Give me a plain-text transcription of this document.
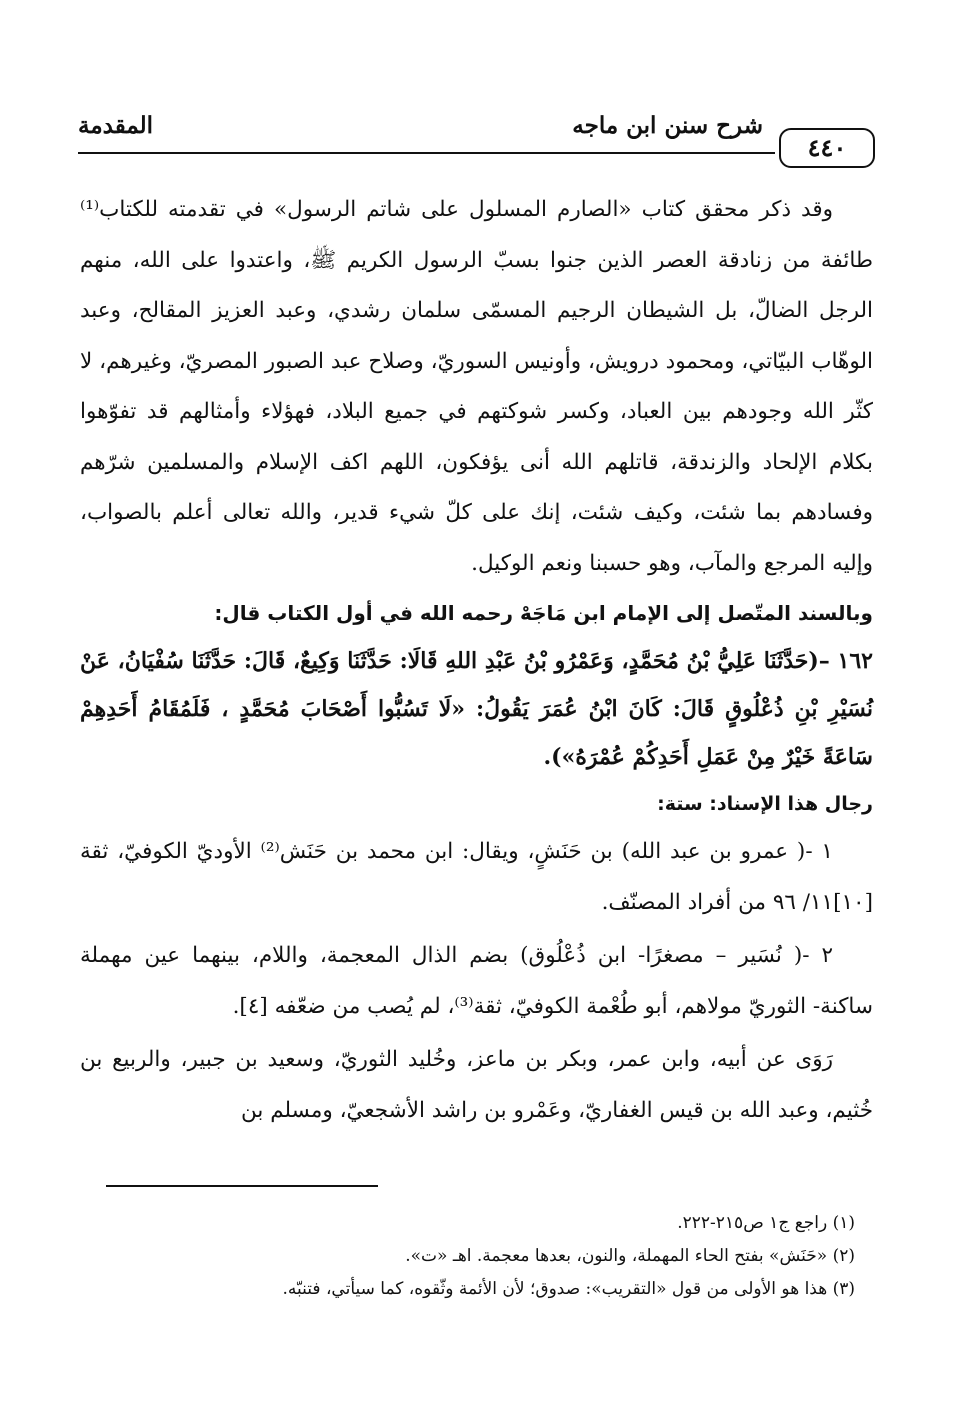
شرح سنن ابن ماجه
المقدمة
٤٤٠

وقد ذكر محقق كتاب «الصارم المسلول على شاتم الرسول» في تقدمته للكتاب⁽¹⁾ طائفة من زنادقة العصر الذين جنوا بسبّ الرسول الكريم ﷺ، واعتدوا على الله، منهم الرجل الضالّ، بل الشيطان الرجيم المسمّى سلمان رشدي، وعبد العزيز المقالح، وعبد الوهّاب البيّاتي، ومحمود درويش، وأونيس السوريّ، وصلاح عبد الصبور المصريّ، وغيرهم، لا كثّر الله وجودهم بين العباد، وكسر شوكتهم في جميع البلاد، فهؤلاء وأمثالهم قد تفوّهوا بكلام الإلحاد والزندقة، قاتلهم الله أنى يؤفكون، اللهم اكف الإسلام والمسلمين شرّهم وفسادهم بما شئت، وكيف شئت، إنك على كلّ شيء قدير، والله تعالى أعلم بالصواب، وإليه المرجع والمآب، وهو حسبنا ونعم الوكيل.

وبالسند المتّصل إلى الإمام ابن مَاجَهْ رحمه الله في أول الكتاب قال:

١٦٢ –(حَدَّثَنَا عَلِيُّ بْنُ مُحَمَّدٍ، وَعَمْرُو بْنُ عَبْدِ اللهِ قَالَا: حَدَّثَنَا وَكِيعٌ، قَالَ: حَدَّثَنَا سُفْيَانُ، عَنْ نُسَيْرِ بْنِ ذُعْلُوقٍ قَالَ: كَانَ ابْنُ عُمَرَ يَقُولُ: «لَا تَسُبُّوا أَصْحَابَ مُحَمَّدٍ ، فَلَمُقَامُ أَحَدِهِمْ سَاعَةً خَيْرٌ مِنْ عَمَلِ أَحَدِكُمْ عُمْرَهُ»).

رجال هذا الإسناد: ستة:

١ -( عمرو بن عبد الله) بن حَنَشٍ، ويقال: ابن محمد بن حَنَش⁽²⁾ الأوديّ الكوفيّ، ثقة [١٠]١١/ ٩٦ من أفراد المصنّف.

٢ -( نُسَير – مصغرًا- ابن ذُعْلُوق) بضم الذال المعجمة، واللام، بينهما عين مهملة ساكنة- الثوريّ مولاهم، أبو طُعْمة الكوفيّ، ثقة⁽³⁾، لم يُصب من ضعّفه [٤].

رَوَى عن أبيه، وابن عمر، وبكر بن ماعز، وخُليد الثوريّ، وسعيد بن جبير، والربيع بن خُثيم، وعبد الله بن قيس الغفاريّ، وعَمْرو بن راشد الأشجعيّ، ومسلم بن

(١) راجع ج١ ص٢١٥-٢٢٢.

(٢) «حَنَش» بفتح الحاء المهملة، والنون، بعدها معجمة. اهـ «ت».

(٣) هذا هو الأولى من قول «التقريب»: صدوق؛ لأن الأئمة وثّقوه، كما سيأتي، فتنبّه.
